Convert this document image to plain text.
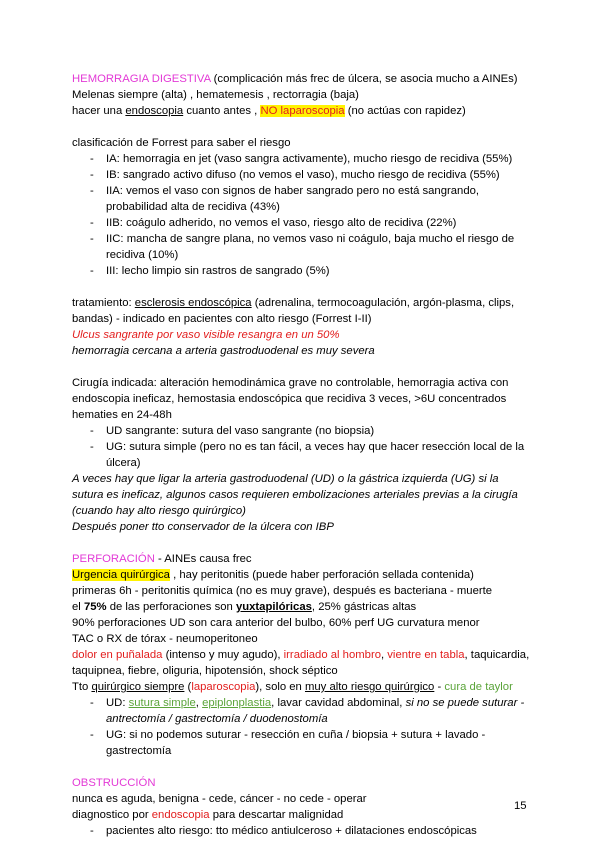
HEMORRAGIA DIGESTIVA (complicación más frec de úlcera, se asocia mucho a AINEs)

Melenas siempre (alta) , hematemesis , rectorragia (baja)

hacer una endoscopia cuanto antes , NO laparoscopia (no actúas con rapidez)

clasificación de Forrest para saber el riesgo

- IA: hemorragia en jet (vaso sangra activamente), mucho riesgo de recidiva (55%)
- IB: sangrado activo difuso (no vemos el vaso), mucho riesgo de recidiva (55%)
- IIA: vemos el vaso con signos de haber sangrado pero no está sangrando, probabilidad alta de recidiva (43%)
- IIB: coágulo adherido, no vemos el vaso, riesgo alto de recidiva (22%)
- IIC: mancha de sangre plana, no vemos vaso ni coágulo, baja mucho el riesgo de recidiva (10%)
- III: lecho limpio sin rastros de sangrado (5%)

tratamiento: esclerosis endoscópica (adrenalina, termocoagulación, argón-plasma, clips, bandas) - indicado en pacientes con alto riesgo (Forrest I-II)

Ulcus sangrante por vaso visible resangra en un 50%

hemorragia cercana a arteria gastroduodenal es muy severa

Cirugía indicada: alteración hemodinámica grave no controlable, hemorragia activa con endoscopia ineficaz, hemostasia endoscópica que recidiva 3 veces, >6U concentrados hematies en 24-48h

- UD sangrante: sutura del vaso sangrante (no biopsia)
- UG: sutura simple (pero no es tan fácil, a veces hay que hacer resección local de la úlcera)

A veces hay que ligar la arteria gastroduodenal (UD) o la gástrica izquierda (UG) si la sutura es ineficaz, algunos casos requieren embolizaciones arteriales previas a la cirugía (cuando hay alto riesgo quirúrgico)

Después poner tto conservador de la úlcera con IBP

PERFORACIÓN - AINEs causa frec

Urgencia quirúrgica , hay peritonitis (puede haber perforación sellada contenida)

primeras 6h - peritonitis química (no es muy grave), después es bacteriana - muerte

el 75% de las perforaciones son yuxtapilóricas, 25% gástricas altas

90% perforaciones UD son cara anterior del bulbo, 60% perf UG curvatura menor

TAC o RX de tórax - neumoperitoneo

dolor en puñalada (intenso y muy agudo), irradiado al hombro, vientre en tabla, taquicardia, taquipnea, fiebre, oliguria, hipotensión, shock séptico

Tto quirúrgico siempre (laparoscopia), solo en muy alto riesgo quirúrgico - cura de taylor

- UD: sutura simple, epiplonplastia, lavar cavidad abdominal, si no se puede suturar - antrectomía / gastrectomía / duodenostomía
- UG: si no podemos suturar - resección en cuña / biopsia + sutura + lavado - gastrectomía

OBSTRUCCIÓN

nunca es aguda, benigna - cede, cáncer - no cede - operar

diagnostico por endoscopia para descartar malignidad

- pacientes alto riesgo: tto médico antiulceroso + dilataciones endoscópicas
15
